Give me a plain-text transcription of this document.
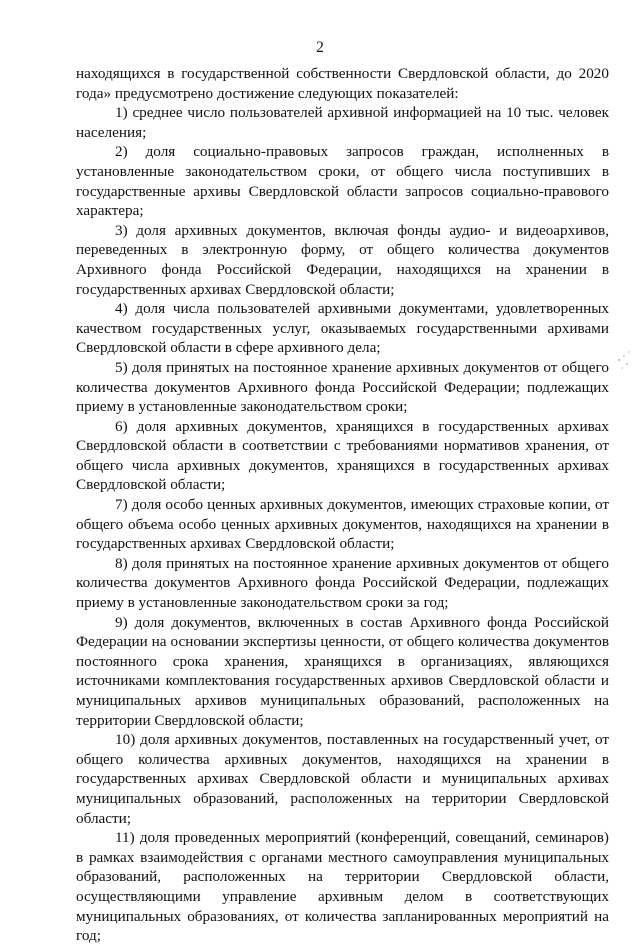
2

находящихся в государственной собственности Свердловской области, до 2020 года» предусмотрено достижение следующих показателей:

1) среднее число пользователей архивной информацией на 10 тыс. человек населения;

2) доля социально-правовых запросов граждан, исполненных в установленные законодательством сроки, от общего числа поступивших в государственные архивы Свердловской области запросов социально-правового характера;

3) доля архивных документов, включая фонды аудио- и видеоархивов, переведенных в электронную форму, от общего количества документов Архивного фонда Российской Федерации, находящихся на хранении в государственных архивах Свердловской области;

4) доля числа пользователей архивными документами, удовлетворенных качеством государственных услуг, оказываемых государственными архивами Свердловской области в сфере архивного дела;

5) доля принятых на постоянное хранение архивных документов от общего количества документов Архивного фонда Российской Федерации; подлежащих приему в установленные законодательством сроки;

6) доля архивных документов, хранящихся в государственных архивах Свердловской области в соответствии с требованиями нормативов хранения, от общего числа архивных документов, хранящихся в государственных архивах Свердловской области;

7) доля особо ценных архивных документов, имеющих страховые копии, от общего объема особо ценных архивных документов, находящихся на хранении в государственных архивах Свердловской области;

8) доля принятых на постоянное хранение архивных документов от общего количества документов Архивного фонда Российской Федерации, подлежащих приему в установленные законодательством сроки за год;

9) доля документов, включенных в состав Архивного фонда Российской Федерации на основании экспертизы ценности, от общего количества документов постоянного срока хранения, хранящихся в организациях, являющихся источниками комплектования государственных архивов Свердловской области и муниципальных архивов муниципальных образований, расположенных на территории Свердловской области;

10) доля архивных документов, поставленных на государственный учет, от общего количества архивных документов, находящихся на хранении в государственных архивах Свердловской области и муниципальных архивах муниципальных образований, расположенных на территории Свердловской области;

11) доля проведенных мероприятий (конференций, совещаний, семинаров) в рамках взаимодействия с органами местного самоуправления муниципальных образований, расположенных на территории Свердловской области, осуществляющими управление архивным делом в соответствующих муниципальных образованиях, от количества запланированных мероприятий на год;
